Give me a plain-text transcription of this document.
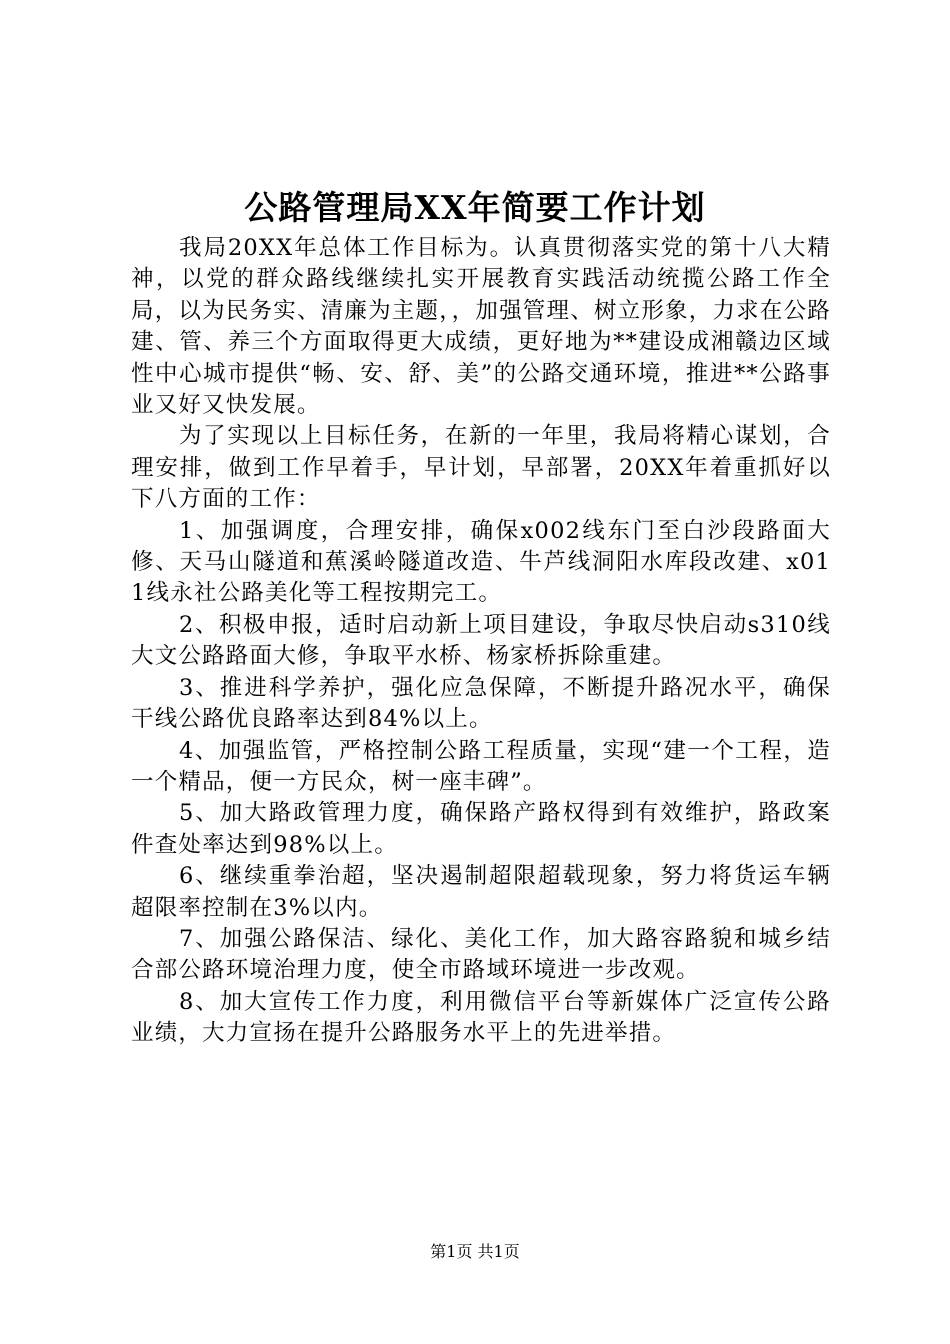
公路管理局XX年简要工作计划

我局20XX年总体工作目标为。认真贯彻落实党的第十八大精神，以党的群众路线继续扎实开展教育实践活动统揽公路工作全局，以为民务实、清廉为主题，，加强管理、树立形象，力求在公路建、管、养三个方面取得更大成绩，更好地为**建设成湘赣边区域性中心城市提供“畅、安、舒、美”的公路交通环境，推进**公路事业又好又快发展。

为了实现以上目标任务，在新的一年里，我局将精心谋划，合理安排，做到工作早着手，早计划，早部署，20XX年着重抓好以下八方面的工作：

1、加强调度，合理安排，确保x002线东门至白沙段路面大修、天马山隧道和蕉溪岭隧道改造、牛芦线洞阳水库段改建、x011线永社公路美化等工程按期完工。

2、积极申报，适时启动新上项目建设，争取尽快启动s310线大文公路路面大修，争取平水桥、杨家桥拆除重建。

3、推进科学养护，强化应急保障，不断提升路况水平，确保干线公路优良路率达到84%以上。

4、加强监管，严格控制公路工程质量，实现“建一个工程，造一个精品，便一方民众，树一座丰碑”。

5、加大路政管理力度，确保路产路权得到有效维护，路政案件查处率达到98%以上。

6、继续重拳治超，坚决遏制超限超载现象，努力将货运车辆超限率控制在3%以内。

7、加强公路保洁、绿化、美化工作，加大路容路貌和城乡结合部公路环境治理力度，使全市路域环境进一步改观。

8、加大宣传工作力度，利用微信平台等新媒体广泛宣传公路业绩，大力宣扬在提升公路服务水平上的先进举措。

第1页 共1页
